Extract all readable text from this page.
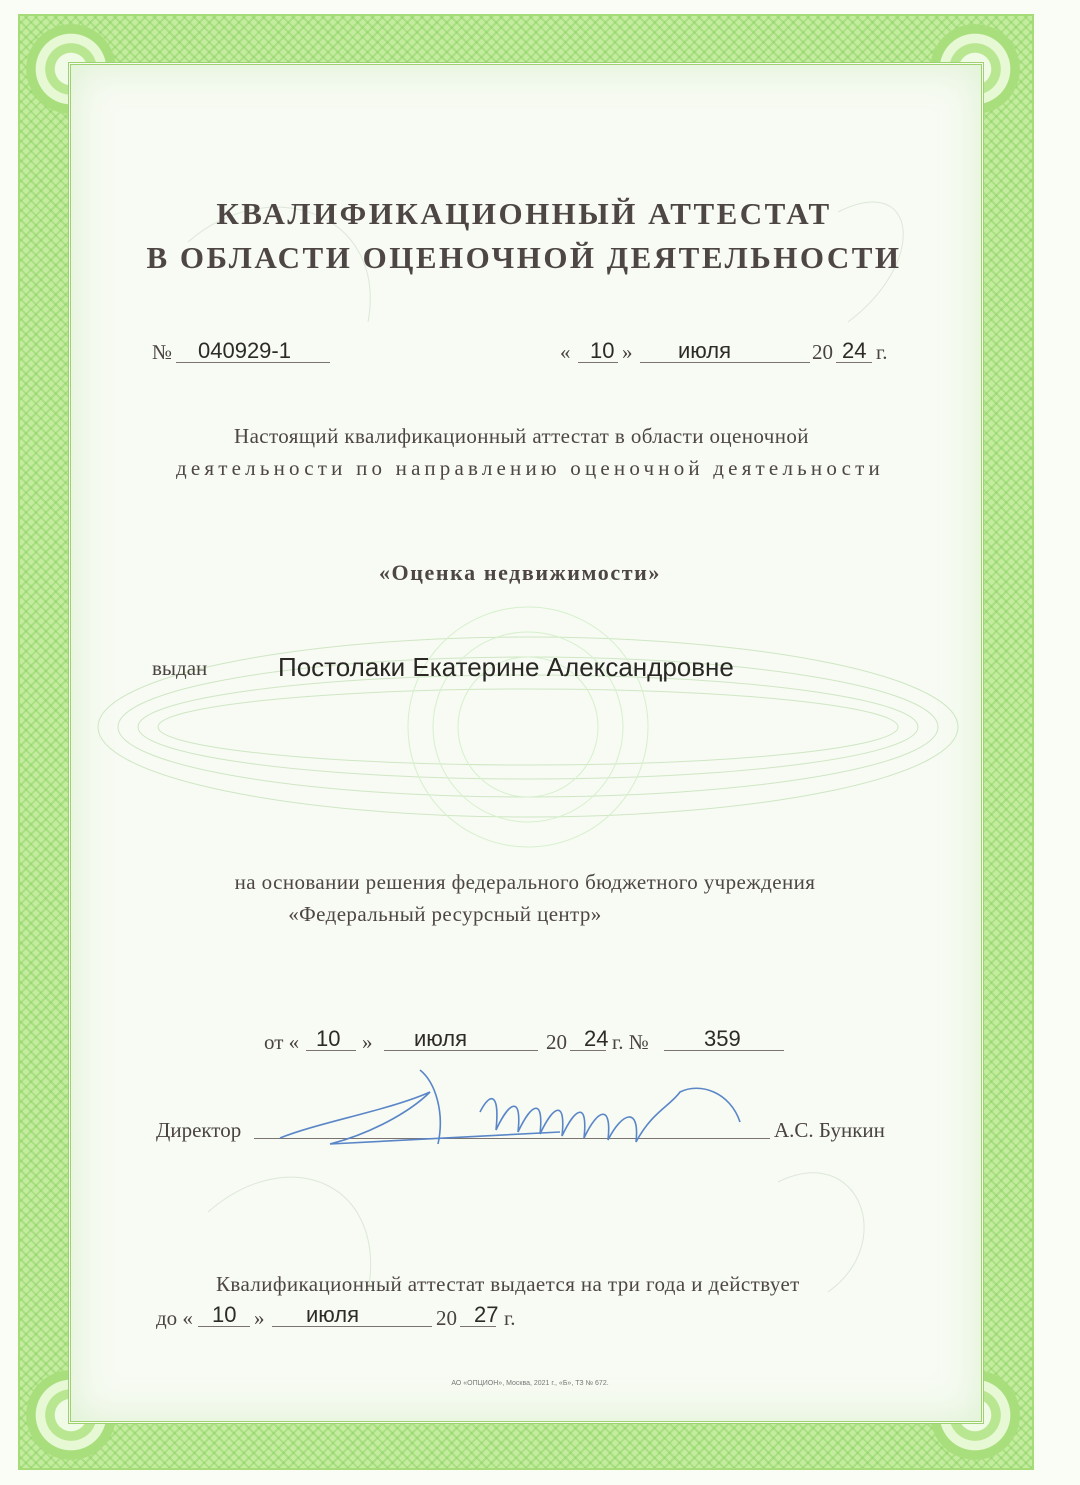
КВАЛИФИКАЦИОННЫЙ АТТЕСТАТ
В ОБЛАСТИ ОЦЕНОЧНОЙ ДЕЯТЕЛЬНОСТИ
№ 040929-1	« 10 » июля	20 24 г.
Настоящий квалификационный аттестат в области оценочной
деятельности по направлению оценочной деятельности
«Оценка недвижимости»
выдан	Постолаки Екатерине Александровне
на основании решения федерального бюджетного учреждения
«Федеральный ресурсный центр»
от « 10 » июля	20 24 г. №	359
Директор	А.С. Бункин
Квалификационный аттестат выдается на три года и действует
до « 10 » июля	20 27 г.
АО «ОПЦИОН», Москва, 2021 г., «Б», ТЗ № 672.
